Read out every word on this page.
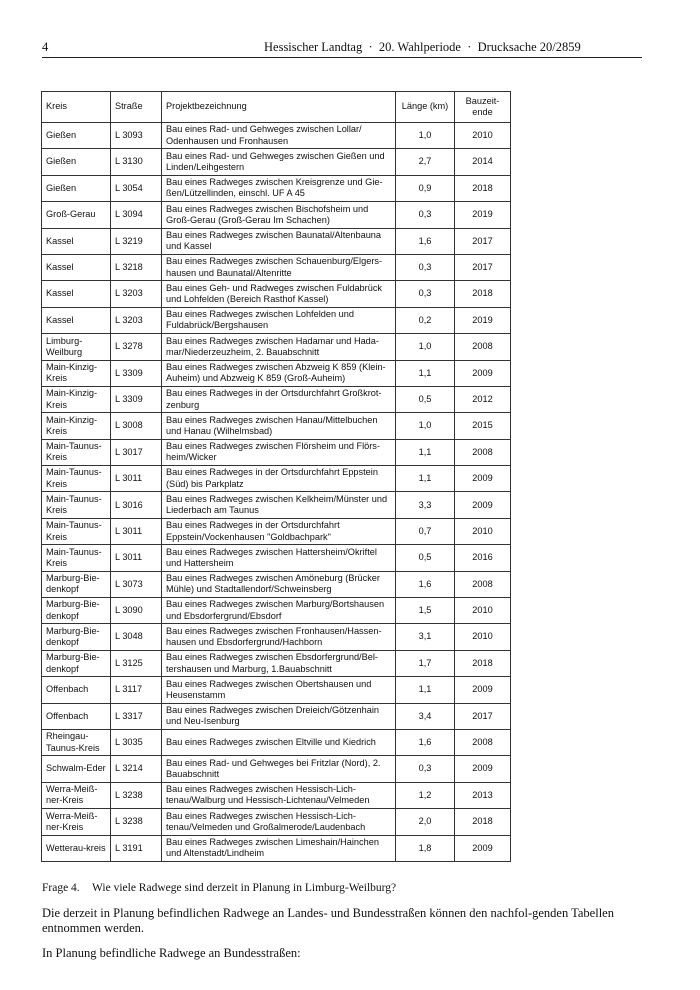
4	Hessischer Landtag  ·  20. Wahlperiode  ·  Drucksache 20/2859
Kreis	Straße	Projektbezeichnung	Länge (km)	Bauzeit-ende
Gießen	L 3093	Bau eines Rad- und Gehweges zwischen Lollar/ Odenhausen und Fronhausen	1,0	2010
Gießen	L 3130	Bau eines Rad- und Gehweges zwischen Gießen und Linden/Leihgestern	2,7	2014
Gießen	L 3054	Bau eines Radweges zwischen Kreisgrenze und Gie-ßen/Lützellinden, einschl. UF A 45	0,9	2018
Groß-Gerau	L 3094	Bau eines Radweges zwischen Bischofsheim und Groß-Gerau (Groß-Gerau Im Schachen)	0,3	2019
Kassel	L 3219	Bau eines Radweges zwischen Baunatal/Altenbauna und Kassel	1,6	2017
Kassel	L 3218	Bau eines Radweges zwischen Schauenburg/Elgers-hausen und Baunatal/Altenritte	0,3	2017
Kassel	L 3203	Bau eines Geh- und Radweges zwischen Fuldabrück und Lohfelden (Bereich Rasthof Kassel)	0,3	2018
Kassel	L 3203	Bau eines Radweges zwischen Lohfelden und Fuldabrück/Bergshausen	0,2	2019
Limburg-Weilburg	L 3278	Bau eines Radweges zwischen Hadamar und Hada-mar/Niederzeuzheim, 2. Bauabschnitt	1,0	2008
Main-Kinzig-Kreis	L 3309	Bau eines Radweges zwischen Abzweig K 859 (Klein-Auheim) und Abzweig K 859 (Groß-Auheim)	1,1	2009
Main-Kinzig-Kreis	L 3309	Bau eines Radweges in der Ortsdurchfahrt Großkrot-zenburg	0,5	2012
Main-Kinzig-Kreis	L 3008	Bau eines Radweges zwischen Hanau/Mittelbuchen und Hanau (Wilhelmsbad)	1,0	2015
Main-Taunus-Kreis	L 3017	Bau eines Radweges zwischen Flörsheim und Flörs-heim/Wicker	1,1	2008
Main-Taunus-Kreis	L 3011	Bau eines Radweges in der Ortsdurchfahrt Eppstein (Süd) bis Parkplatz	1,1	2009
Main-Taunus-Kreis	L 3016	Bau eines Radweges zwischen Kelkheim/Münster und Liederbach am Taunus	3,3	2009
Main-Taunus-Kreis	L 3011	Bau eines Radweges in der Ortsdurchfahrt Eppstein/Vockenhausen "Goldbachpark"	0,7	2010
Main-Taunus-Kreis	L 3011	Bau eines Radweges zwischen Hattersheim/Okriftel und Hattersheim	0,5	2016
Marburg-Bie-denkopf	L 3073	Bau eines Radweges zwischen Amöneburg (Brücker Mühle) und Stadtallendorf/Schweinsberg	1,6	2008
Marburg-Bie-denkopf	L 3090	Bau eines Radweges zwischen Marburg/Bortshausen und Ebsdorfergrund/Ebsdorf	1,5	2010
Marburg-Bie-denkopf	L 3048	Bau eines Radweges zwischen Fronhausen/Hassen-hausen und Ebsdorfergrund/Hachborn	3,1	2010
Marburg-Bie-denkopf	L 3125	Bau eines Radweges zwischen Ebsdorfergrund/Bel-tershausen und Marburg, 1.Bauabschnitt	1,7	2018
Offenbach	L 3117	Bau eines Radweges zwischen Obertshausen und Heusenstamm	1,1	2009
Offenbach	L 3317	Bau eines Radweges zwischen Dreieich/Götzenhain und Neu-Isenburg	3,4	2017
Rheingau-Taunus-Kreis	L 3035	Bau eines Radweges zwischen Eltville und Kiedrich	1,6	2008
Schwalm-Eder	L 3214	Bau eines Rad- und Gehweges bei Fritzlar (Nord), 2. Bauabschnitt	0,3	2009
Werra-Meiß-ner-Kreis	L 3238	Bau eines Radweges zwischen Hessisch-Lich-tenau/Walburg und Hessisch-Lichtenau/Velmeden	1,2	2013
Werra-Meiß-ner-Kreis	L 3238	Bau eines Radweges zwischen Hessisch-Lich-tenau/Velmeden und Großalmerode/Laudenbach	2,0	2018
Wetterau-kreis	L 3191	Bau eines Radweges zwischen Limeshain/Hainchen und Altenstadt/Lindheim	1,8	2009
Frage 4. Wie viele Radwege sind derzeit in Planung in Limburg-Weilburg?

Die derzeit in Planung befindlichen Radwege an Landes- und Bundesstraßen können den nachfol-genden Tabellen entnommen werden.

In Planung befindliche Radwege an Bundesstraßen:
